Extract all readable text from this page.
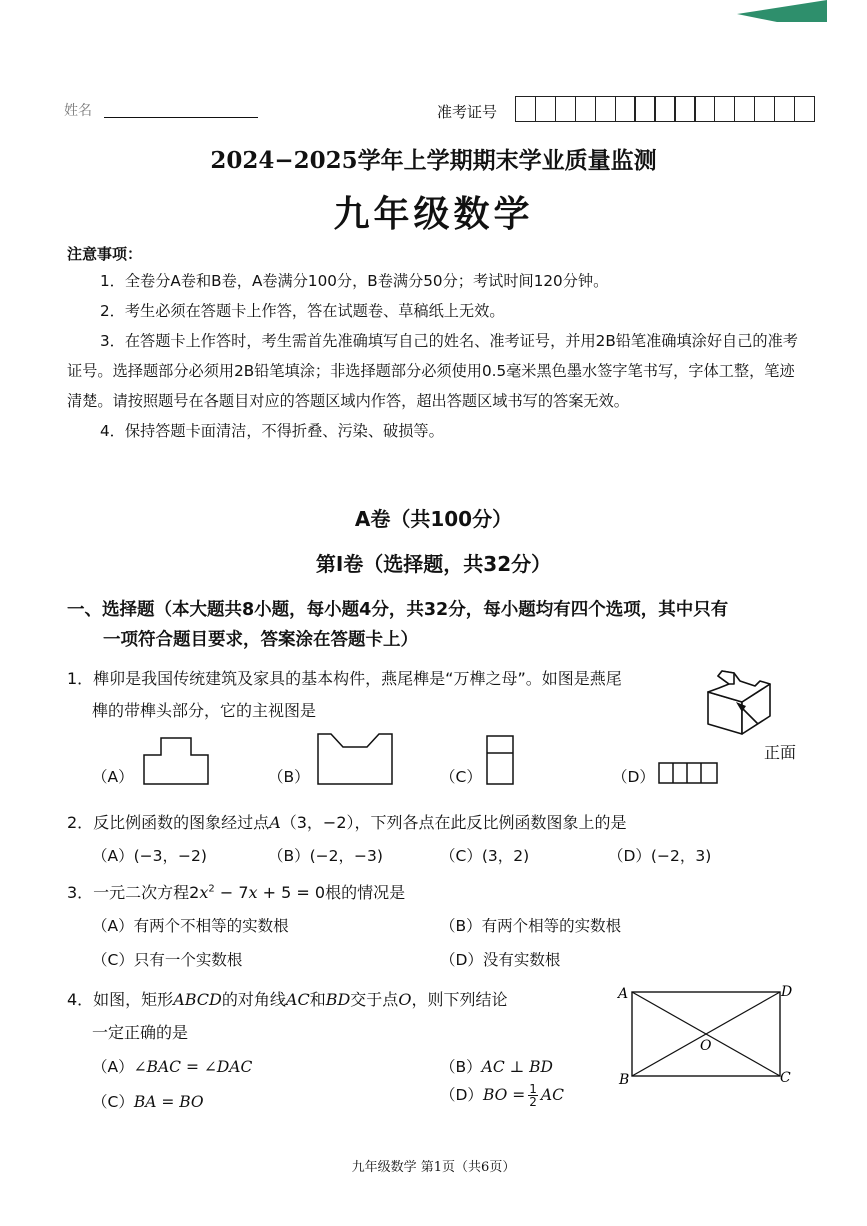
姓名	准考证号
2024−2025学年上学期期末学业质量监测
九年级数学
注意事项：

1．全卷分A卷和B卷，A卷满分100分，B卷满分50分；考试时间120分钟。

2．考生必须在答题卡上作答，答在试题卷、草稿纸上无效。

3．在答题卡上作答时，考生需首先准确填写自己的姓名、准考证号，并用2B铅笔准确填涂好自己的准考证号。选择题部分必须用2B铅笔填涂；非选择题部分必须使用0.5毫米黑色墨水签字笔书写，字体工整，笔迹清楚。请按照题号在各题目对应的答题区域内作答，超出答题区域书写的答案无效。

4．保持答题卡面清洁，不得折叠、污染、破损等。

A卷（共100分）
第Ⅰ卷（选择题，共32分）
一、选择题（本大题共8小题，每小题4分，共32分，每小题均有四个选项，其中只有
一项符合题目要求，答案涂在答题卡上）
1．榫卯是我国传统建筑及家具的基本构件，燕尾榫是“万榫之母”。如图是燕尾
榫的带榫头部分，它的主视图是
正面
（A）	（B）	（C）	（D）
2．反比例函数的图象经过点A（3，−2），下列各点在此反比例函数图象上的是
（A）(−3，−2)	（B）(−2，−3)	（C）(3，2)	（D）(−2，3)
3．一元二次方程$2x^2 - 7x + 5 = 0$根的情况是
（A）有两个不相等的实数根	（B）有两个相等的实数根
（C）只有一个实数根	（D）没有实数根
4．如图，矩形ABCD的对角线AC和BD交于点O，则下列结论
一定正确的是
（A）∠BAC = ∠DAC	（B）AC ⊥ BD
（C）BA = BO	$(D)BO = \frac{1}{2}$ AC
A
B	C
D
O
九年级数学 第1页（共6页）
